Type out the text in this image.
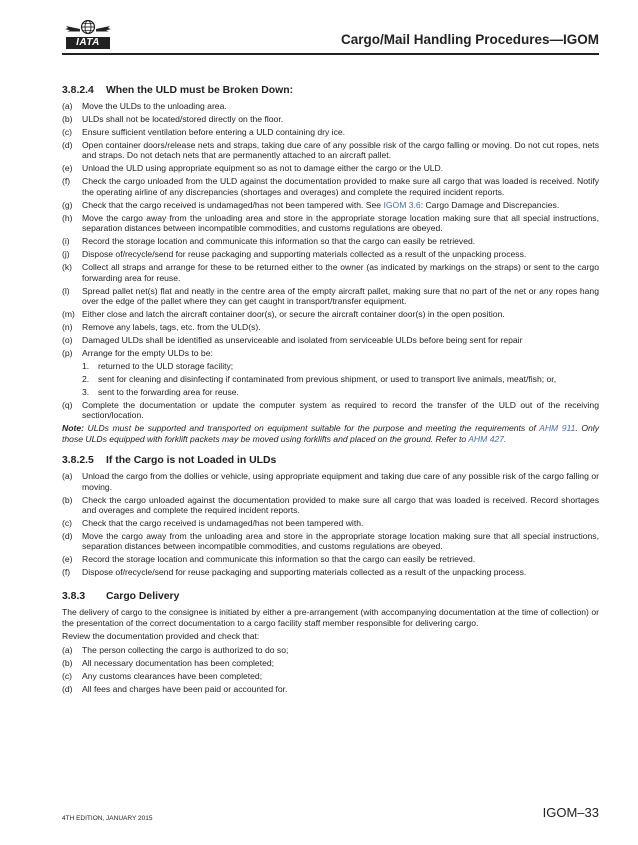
IATA	Cargo/Mail Handling Procedures—IGOM
3.8.2.4 When the ULD must be Broken Down:
(a) Move the ULDs to the unloading area.
(b) ULDs shall not be located/stored directly on the floor.
(c) Ensure sufficient ventilation before entering a ULD containing dry ice.
(d) Open container doors/release nets and straps, taking due care of any possible risk of the cargo falling or moving. Do not cut ropes, nets and straps. Do not detach nets that are permanently attached to an aircraft pallet.
(e) Unload the ULD using appropriate equipment so as not to damage either the cargo or the ULD.
(f) Check the cargo unloaded from the ULD against the documentation provided to make sure all cargo that was loaded is received. Notify the operating airline of any discrepancies (shortages and overages) and complete the required incident reports.
(g) Check that the cargo received is undamaged/has not been tampered with. See IGOM 3.6: Cargo Damage and Discrepancies.
(h) Move the cargo away from the unloading area and store in the appropriate storage location making sure that all special instructions, separation distances between incompatible commodities, and customs regulations are obeyed.
(i) Record the storage location and communicate this information so that the cargo can easily be retrieved.
(j) Dispose of/recycle/send for reuse packaging and supporting materials collected as a result of the unpacking process.
(k) Collect all straps and arrange for these to be returned either to the owner (as indicated by markings on the straps) or sent to the cargo forwarding area for reuse.
(l) Spread pallet net(s) flat and neatly in the centre area of the empty aircraft pallet, making sure that no part of the net or any ropes hang over the edge of the pallet where they can get caught in transport/transfer equipment.
(m) Either close and latch the aircraft container door(s), or secure the aircraft container door(s) in the open position.
(n) Remove any labels, tags, etc. from the ULD(s).
(o) Damaged ULDs shall be identified as unserviceable and isolated from serviceable ULDs before being sent for repair
(p) Arrange for the empty ULDs to be:
1. returned to the ULD storage facility;
2. sent for cleaning and disinfecting if contaminated from previous shipment, or used to transport live animals, meat/fish; or,
3. sent to the forwarding area for reuse.
(q) Complete the documentation or update the computer system as required to record the transfer of the ULD out of the receiving section/location.
Note: ULDs must be supported and transported on equipment suitable for the purpose and meeting the requirements of AHM 911. Only those ULDs equipped with forklift packets may be moved using forklifts and placed on the ground. Refer to AHM 427.
3.8.2.5 If the Cargo is not Loaded in ULDs
(a) Unload the cargo from the dollies or vehicle, using appropriate equipment and taking due care of any possible risk of the cargo falling or moving.
(b) Check the cargo unloaded against the documentation provided to make sure all cargo that was loaded is received. Record shortages and overages and complete the required incident reports.
(c) Check that the cargo received is undamaged/has not been tampered with.
(d) Move the cargo away from the unloading area and store in the appropriate storage location making sure that all special instructions, separation distances between incompatible commodities, and customs regulations are obeyed.
(e) Record the storage location and communicate this information so that the cargo can easily be retrieved.
(f) Dispose of/recycle/send for reuse packaging and supporting materials collected as a result of the unpacking process.
3.8.3 Cargo Delivery
The delivery of cargo to the consignee is initiated by either a pre-arrangement (with accompanying documentation at the time of collection) or the presentation of the correct documentation to a cargo facility staff member responsible for delivering cargo.
Review the documentation provided and check that:
(a) The person collecting the cargo is authorized to do so;
(b) All necessary documentation has been completed;
(c) Any customs clearances have been completed;
(d) All fees and charges have been paid or accounted for.
4TH EDITION, JANUARY 2015	IGOM–33
